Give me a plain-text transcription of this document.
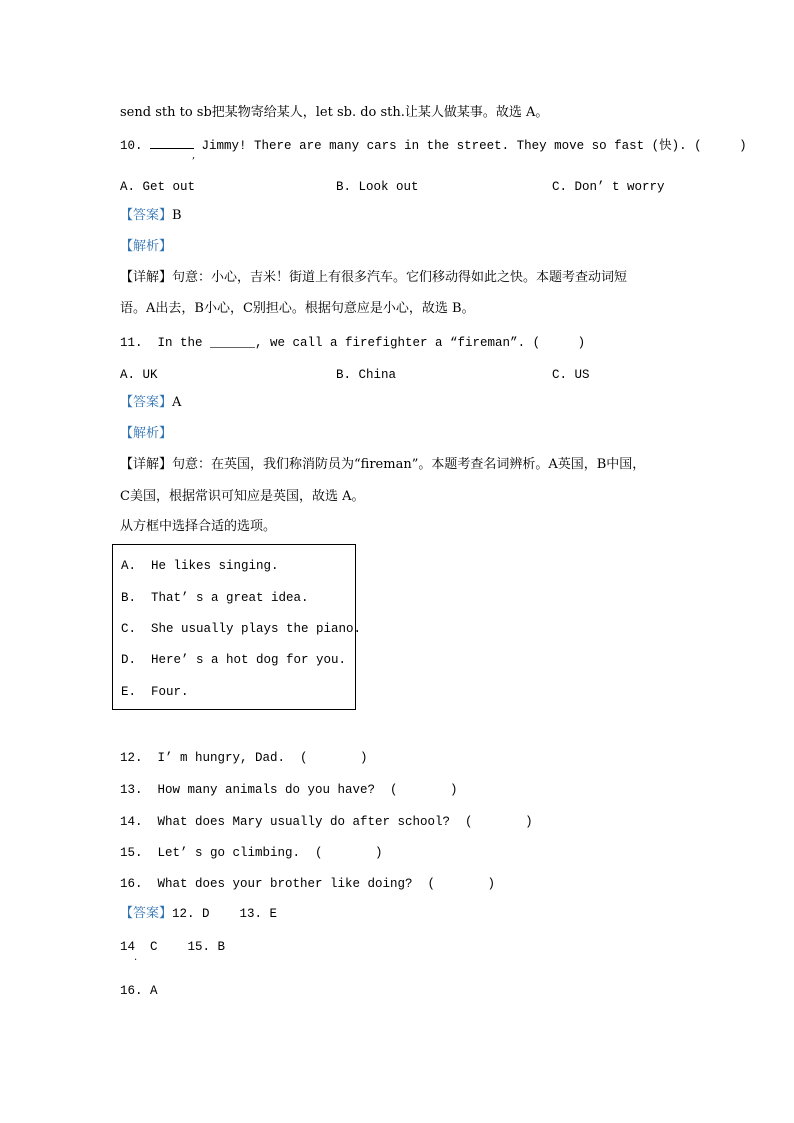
send sth to sb把某物寄给某人，let sb. do sth.让某人做某事。故选 A。
10.	Jimmy! There are many cars in the street. They move so fast (快). (     )
,
A. Get out	B. Look out	C. Don’ t worry
【答案】B
【解析】
【详解】句意：小心，吉米！街道上有很多汽车。它们移动得如此之快。本题考查动词短
语。A出去，B小心，C别担心。根据句意应是小心，故选 B。
11.  In the ______, we call a firefighter a “fireman”. (     )
A. UK	B. China	C. US
【答案】A
【解析】
【详解】句意：在英国，我们称消防员为“fireman”。本题考查名词辨析。A英国，B中国，
C美国，根据常识可知应是英国，故选 A。
从方框中选择合适的选项。
A.  He likes singing.
B.  That’ s a great idea.
C.  She usually plays the piano.
D.  Here’ s a hot dog for you.
E.  Four.
12.  I’ m hungry, Dad.  (       )
13.  How many animals do you have?  (       )
14.  What does Mary usually do after school?  (       )
15.  Let’ s go climbing.  (       )
16.  What does your brother like doing?  (       )
【答案】12. D    13. E
14  C    15. B
.
16. A
